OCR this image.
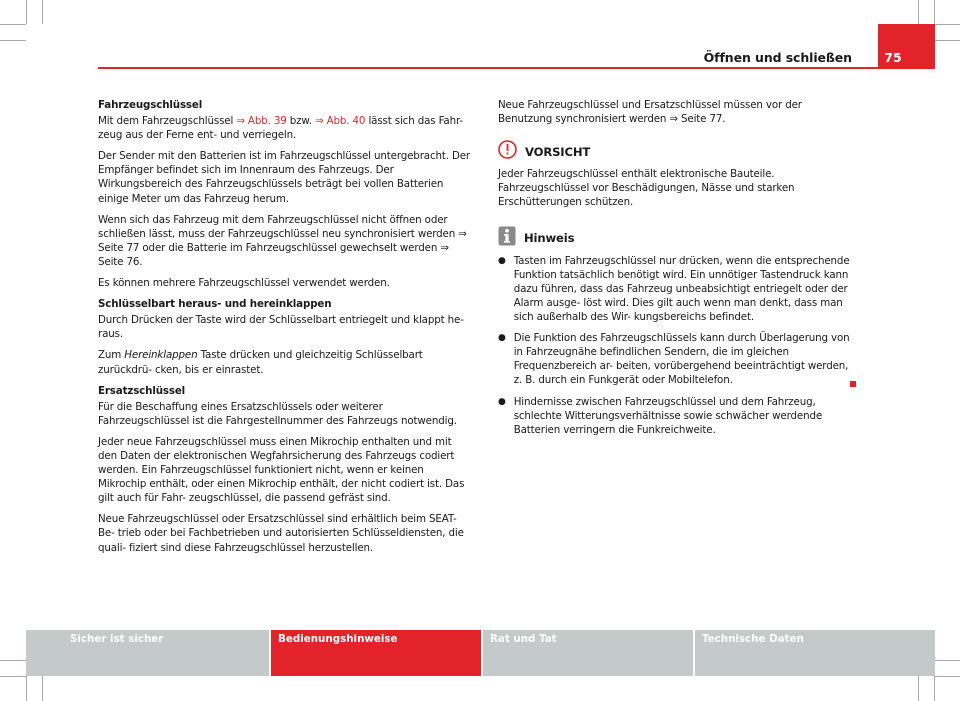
75
Öffnen und schließen
Fahrzeugschlüssel

Mit dem Fahrzeugschlüssel ⇒ Abb. 39 bzw. ⇒ Abb. 40 lässt sich das Fahr- zeug aus der Ferne ent- und verriegeln.

Der Sender mit den Batterien ist im Fahrzeugschlüssel untergebracht. Der Empfänger befindet sich im Innenraum des Fahrzeugs. Der Wirkungsbereich des Fahrzeugschlüssels beträgt bei vollen Batterien einige Meter um das Fahrzeug herum.

Wenn sich das Fahrzeug mit dem Fahrzeugschlüssel nicht öffnen oder schließen lässt, muss der Fahrzeugschlüssel neu synchronisiert werden ⇒ Seite 77 oder die Batterie im Fahrzeugschlüssel gewechselt werden ⇒ Seite 76.

Es können mehrere Fahrzeugschlüssel verwendet werden.

Schlüsselbart heraus- und hereinklappen

Durch Drücken der Taste wird der Schlüsselbart entriegelt und klappt he- raus.

Zum Hereinklappen Taste drücken und gleichzeitig Schlüsselbart zurückdrü- cken, bis er einrastet.

Ersatzschlüssel

Für die Beschaffung eines Ersatzschlüssels oder weiterer Fahrzeugschlüssel ist die Fahrgestellnummer des Fahrzeugs notwendig.

Jeder neue Fahrzeugschlüssel muss einen Mikrochip enthalten und mit den Daten der elektronischen Wegfahrsicherung des Fahrzeugs codiert werden. Ein Fahrzeugschlüssel funktioniert nicht, wenn er keinen Mikrochip enthält, oder einen Mikrochip enthält, der nicht codiert ist. Das gilt auch für Fahr- zeugschlüssel, die passend gefräst sind.

Neue Fahrzeugschlüssel oder Ersatzschlüssel sind erhältlich beim SEAT-Be- trieb oder bei Fachbetrieben und autorisierten Schlüsseldiensten, die quali- fiziert sind diese Fahrzeugschlüssel herzustellen.

Neue Fahrzeugschlüssel und Ersatzschlüssel müssen vor der Benutzung synchronisiert werden ⇒ Seite 77.

VORSICHT

Jeder Fahrzeugschlüssel enthält elektronische Bauteile. Fahrzeugschlüssel vor Beschädigungen, Nässe und starken Erschütterungen schützen.

Hinweis
● Tasten im Fahrzeugschlüssel nur drücken, wenn die entsprechende Funktion tatsächlich benötigt wird. Ein unnötiger Tastendruck kann dazu führen, dass das Fahrzeug unbeabsichtigt entriegelt oder der Alarm ausge- löst wird. Dies gilt auch wenn man denkt, dass man sich außerhalb des Wir- kungsbereichs befindet.
● Die Funktion des Fahrzeugschlüssels kann durch Überlagerung von in Fahrzeugnähe befindlichen Sendern, die im gleichen Frequenzbereich ar- beiten, vorübergehend beeinträchtigt werden, z. B. durch ein Funkgerät oder Mobiltelefon.
● Hindernisse zwischen Fahrzeugschlüssel und dem Fahrzeug, schlechte Witterungsverhältnisse sowie schwächer werdende Batterien verringern die Funkreichweite.
Sicher ist sicher	Bedienungshinweise	Rat und Tat	Technische Daten
